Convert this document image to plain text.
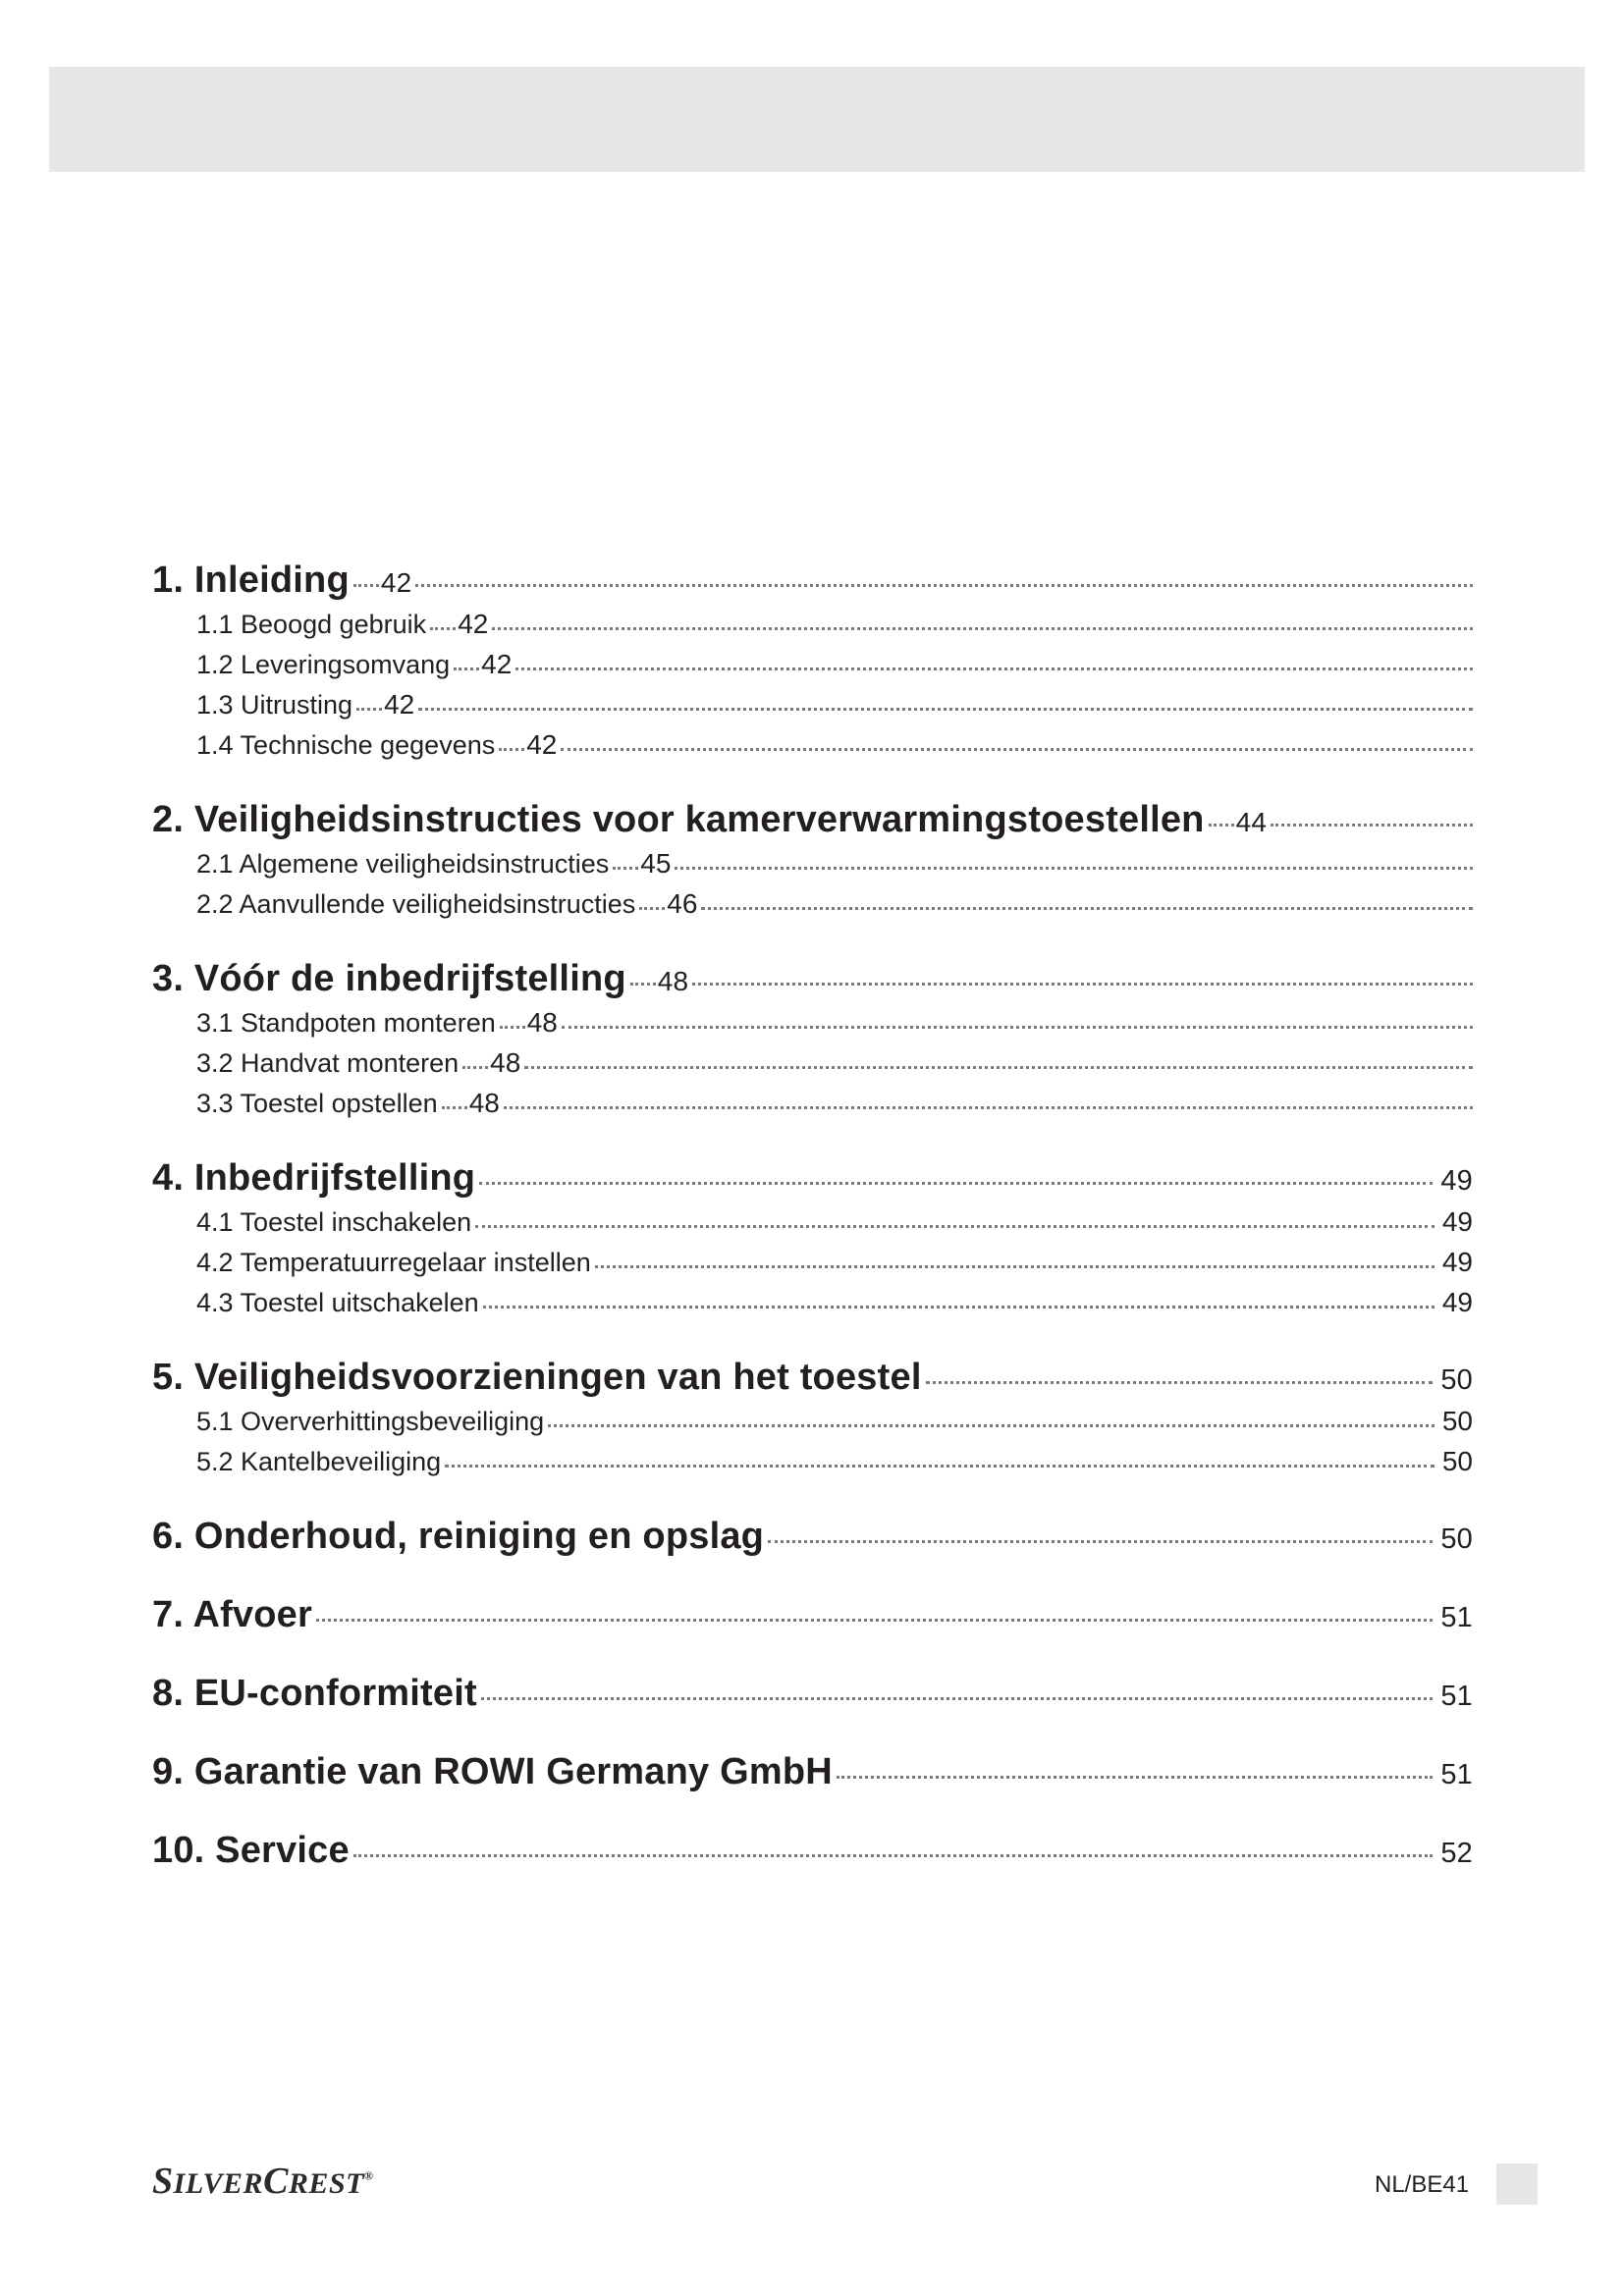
1. Inleiding 42
1.1 Beoogd gebruik 42
1.2 Leveringsomvang 42
1.3 Uitrusting 42
1.4 Technische gegevens 42
2. Veiligheidsinstructies voor kamerverwarmingstoestellen 44
2.1 Algemene veiligheidsinstructies 45
2.2 Aanvullende veiligheidsinstructies 46
3. Vóór de inbedrijfstelling 48
3.1 Standpoten monteren 48
3.2 Handvat monteren 48
3.3 Toestel opstellen 48
4. Inbedrijfstelling	49
4.1 Toestel inschakelen	49
4.2 Temperatuurregelaar instellen	49
4.3 Toestel uitschakelen	49
5. Veiligheidsvoorzieningen van het toestel	50
5.1 Oververhittingsbeveiliging	50
5.2 Kantelbeveiliging	50
6. Onderhoud, reiniging en opslag	50
7. Afvoer	51
8. EU-conformiteit	51
9. Garantie van ROWI Germany GmbH	51
10. Service	52
SILVERCREST®	NL/BE41
